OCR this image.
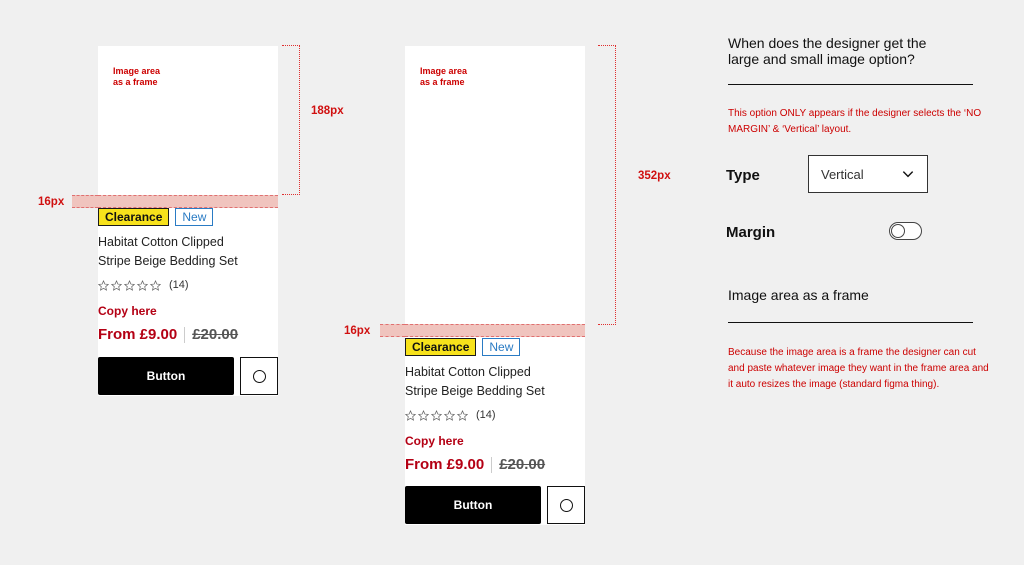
Image area
as a frame
Clearance	New
Habitat Cotton Clipped
Stripe Beige Bedding Set
(14)
Copy here
From £9.00 £20.00
Button
188px
16px
Image area
as a frame
Clearance	New
Habitat Cotton Clipped
Stripe Beige Bedding Set
(14)
Copy here
From £9.00 £20.00
Button
352px
16px
When does the designer get the
large and small image option?
This option ONLY appears if the designer selects the ‘NO MARGIN’ & ‘Vertical’ layout.
Type	Vertical
Margin
Image area as a frame
Because the image area is a frame the designer can cut and paste whatever image they want in the frame area and it auto resizes the image (standard figma thing).
